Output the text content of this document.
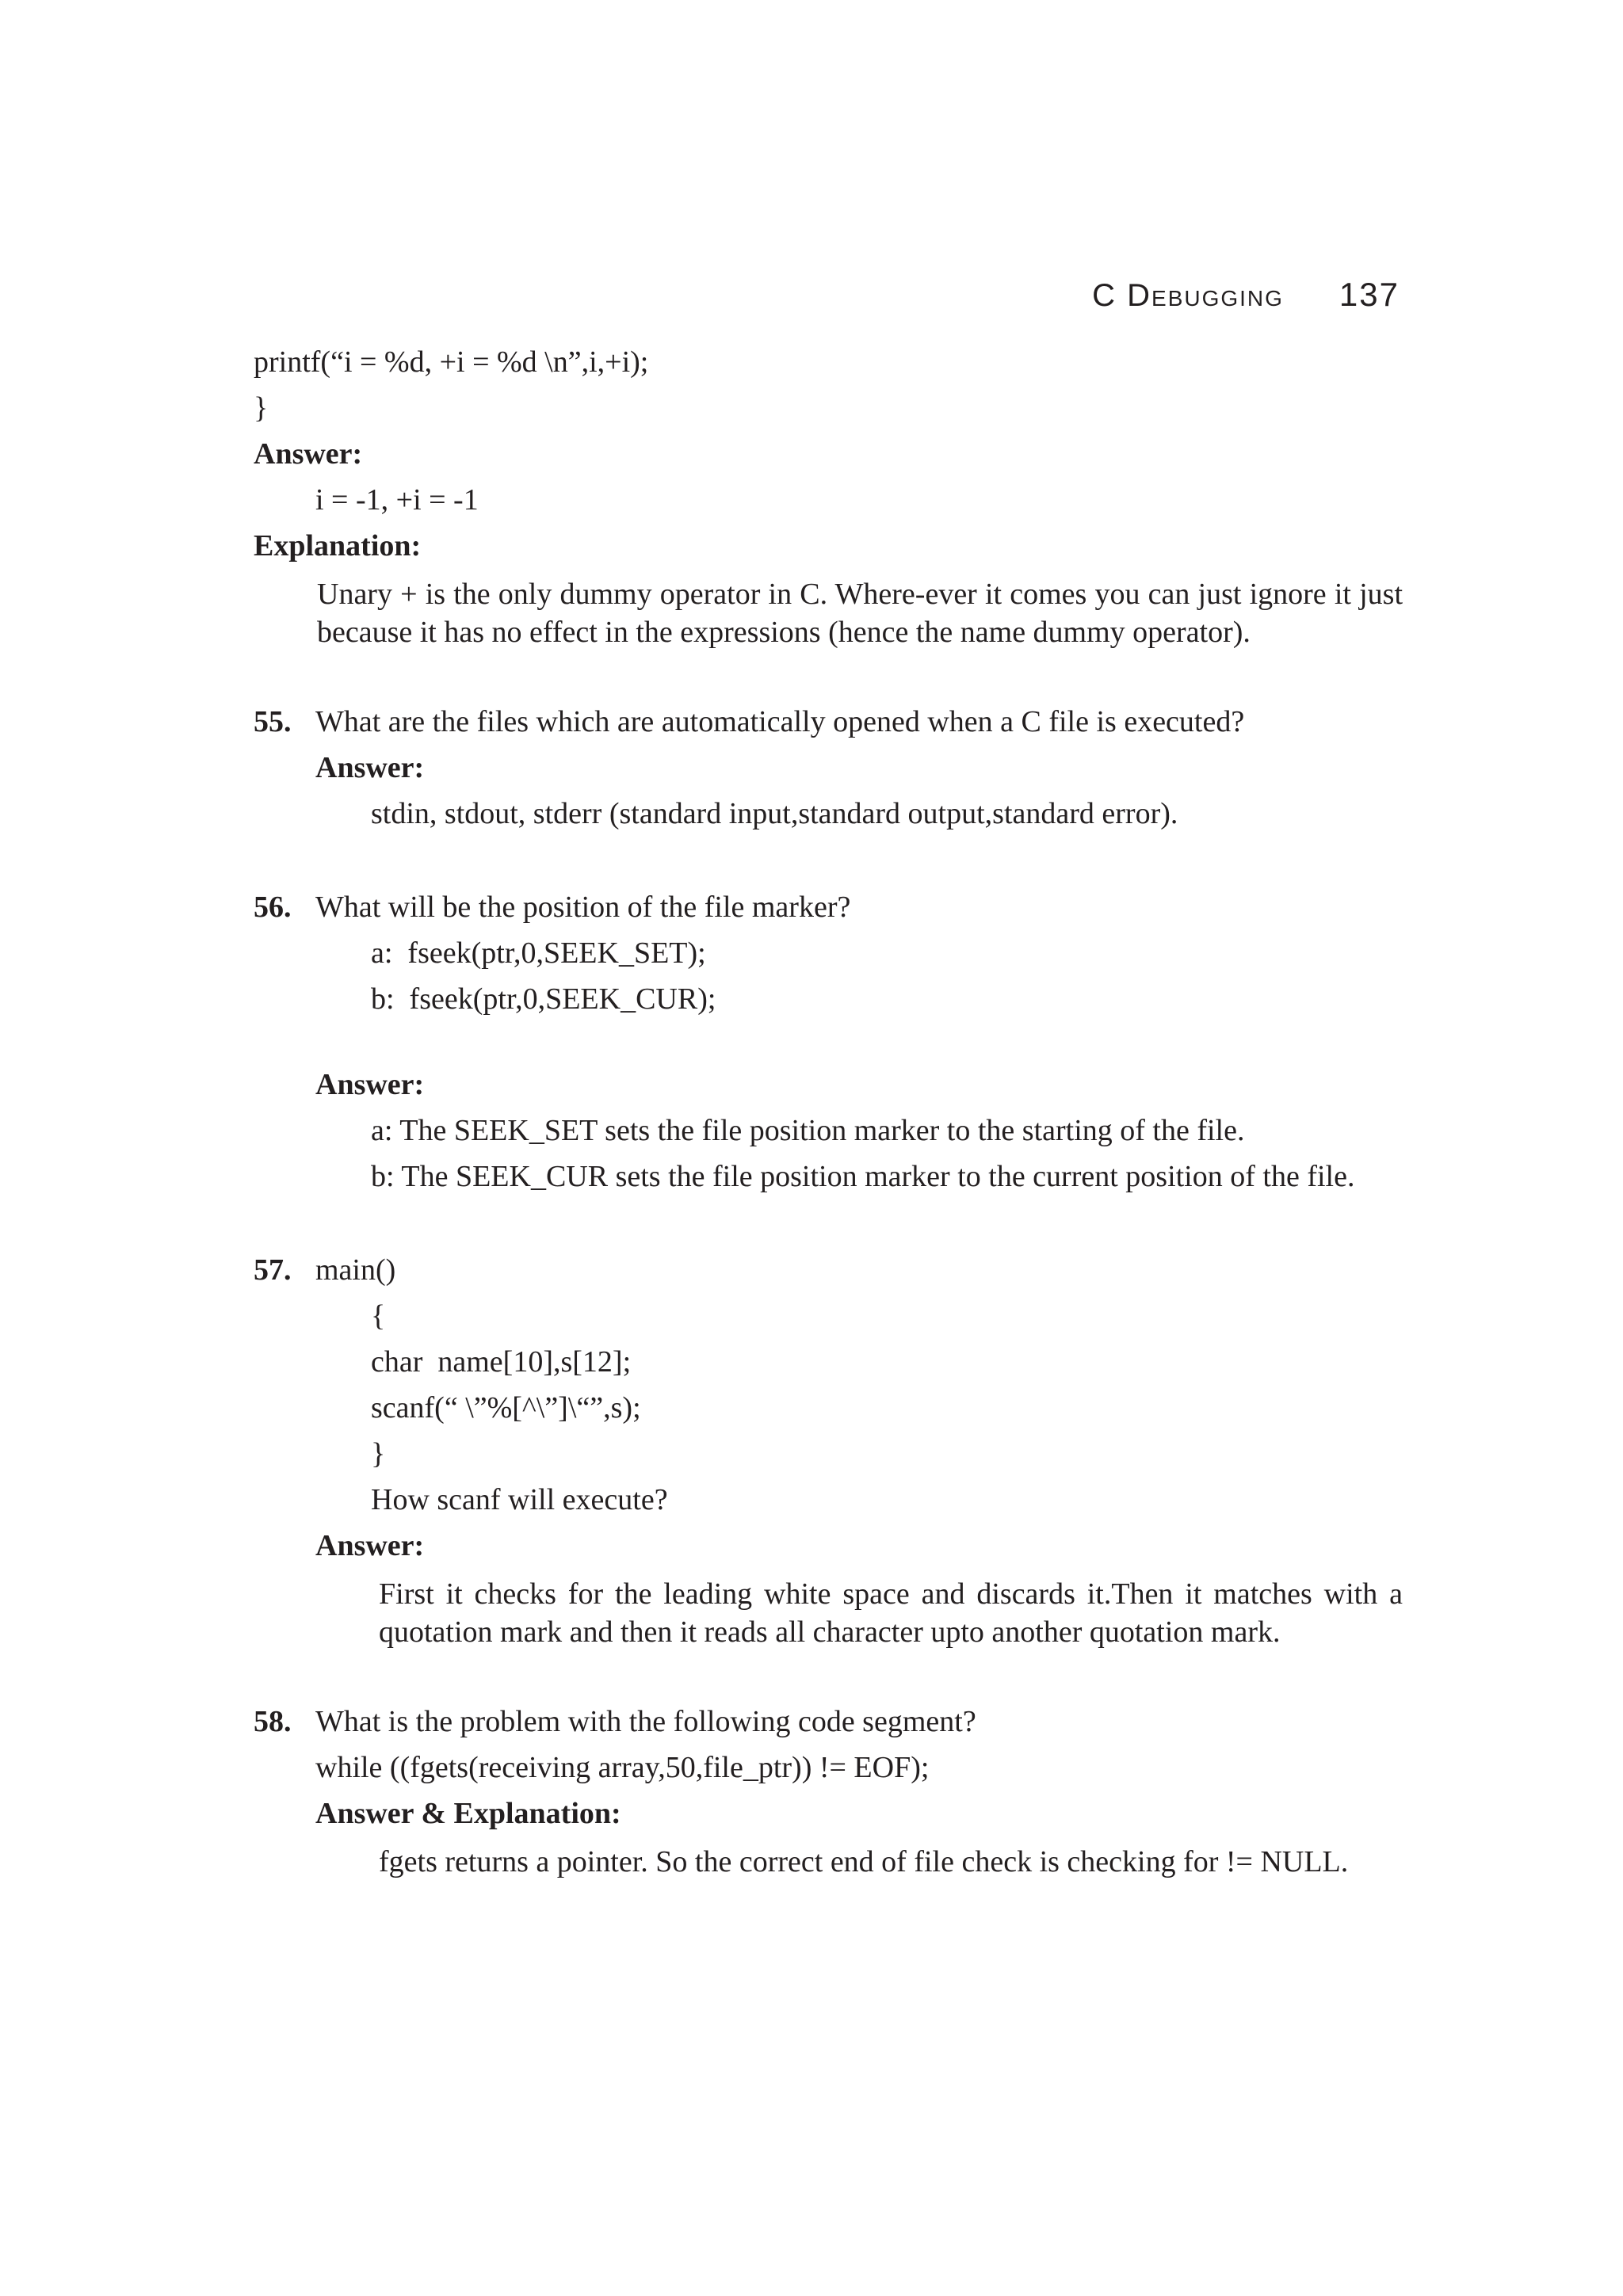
C Debugging 137
printf(“i = %d, +i = %d \n”,i,+i);
}
Answer:
i = -1, +i = -1
Explanation:

Unary + is the only dummy operator in C. Where-ever it comes you can just ignore it just because it has no effect in the expressions (hence the name dummy operator).

55. What are the files which are automatically opened when a C file is executed?
Answer:
stdin, stdout, stderr (standard input,standard output,standard error).
56. What will be the position of the file marker?
a:  fseek(ptr,0,SEEK_SET);
b:  fseek(ptr,0,SEEK_CUR);
Answer:
a: The SEEK_SET sets the file position marker to the starting of the file.
b: The SEEK_CUR sets the file position marker to the current position of the file.
57. main()
{
char  name[10],s[12];
scanf(“ \”%[^\”]\“”,s);
}
How scanf will execute?
Answer:

First it checks for the leading white space and discards it.Then it matches with a quotation mark and then it reads all character upto another quotation mark.

58. What is the problem with the following code segment?
while ((fgets(receiving array,50,file_ptr)) != EOF);
Answer & Explanation:

fgets returns a pointer. So the correct end of file check is checking for != NULL.
